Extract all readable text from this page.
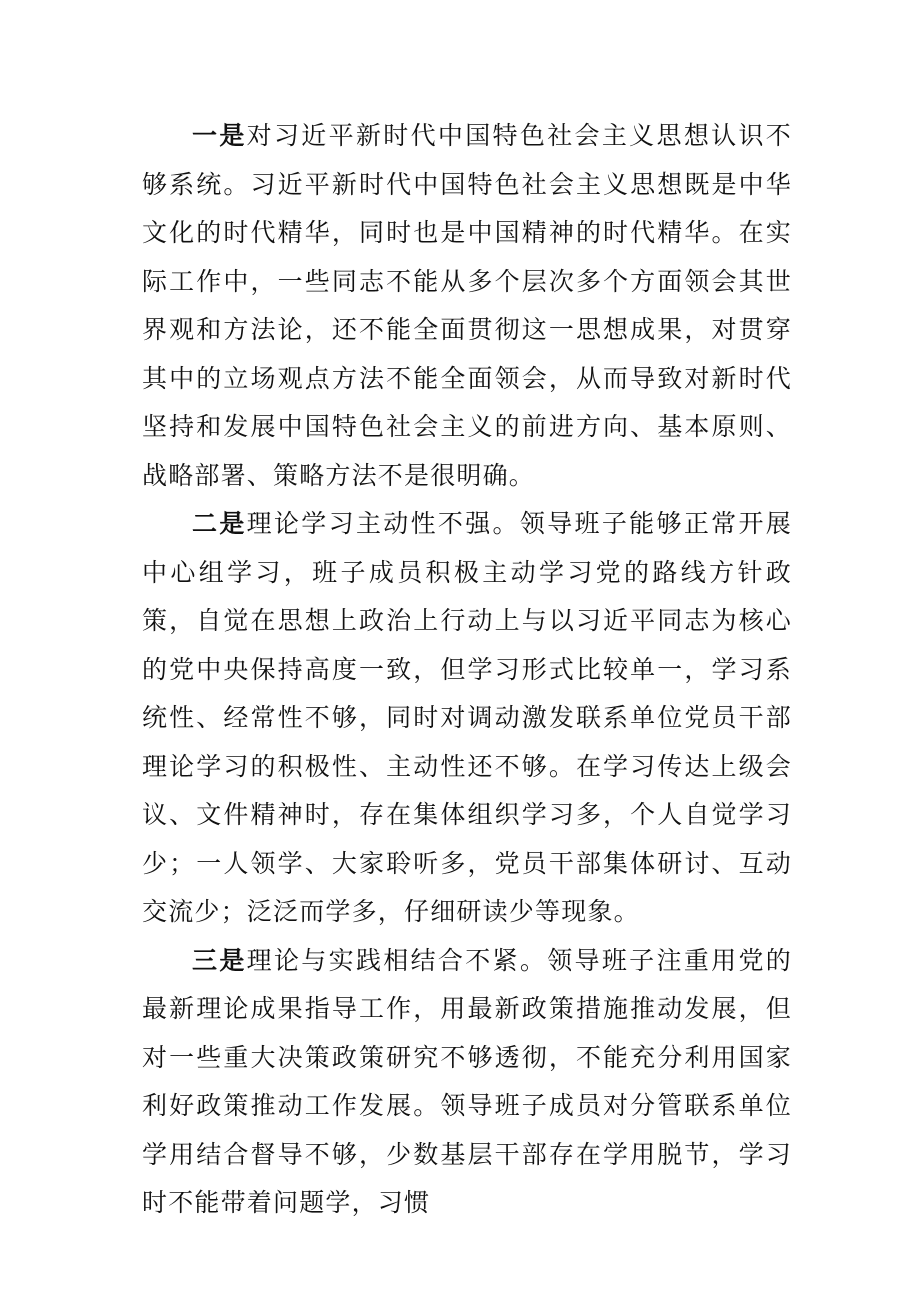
一是对习近平新时代中国特色社会主义思想认识不够系统。习近平新时代中国特色社会主义思想既是中华文化的时代精华，同时也是中国精神的时代精华。在实际工作中，一些同志不能从多个层次多个方面领会其世界观和方法论，还不能全面贯彻这一思想成果，对贯穿其中的立场观点方法不能全面领会，从而导致对新时代坚持和发展中国特色社会主义的前进方向、基本原则、战略部署、策略方法不是很明确。

二是理论学习主动性不强。领导班子能够正常开展中心组学习，班子成员积极主动学习党的路线方针政策，自觉在思想上政治上行动上与以习近平同志为核心的党中央保持高度一致，但学习形式比较单一，学习系统性、经常性不够，同时对调动激发联系单位党员干部理论学习的积极性、主动性还不够。在学习传达上级会议、文件精神时，存在集体组织学习多，个人自觉学习少；一人领学、大家聆听多，党员干部集体研讨、互动交流少；泛泛而学多，仔细研读少等现象。

三是理论与实践相结合不紧。领导班子注重用党的最新理论成果指导工作，用最新政策措施推动发展，但对一些重大决策政策研究不够透彻，不能充分利用国家利好政策推动工作发展。领导班子成员对分管联系单位学用结合督导不够，少数基层干部存在学用脱节，学习时不能带着问题学，习惯
